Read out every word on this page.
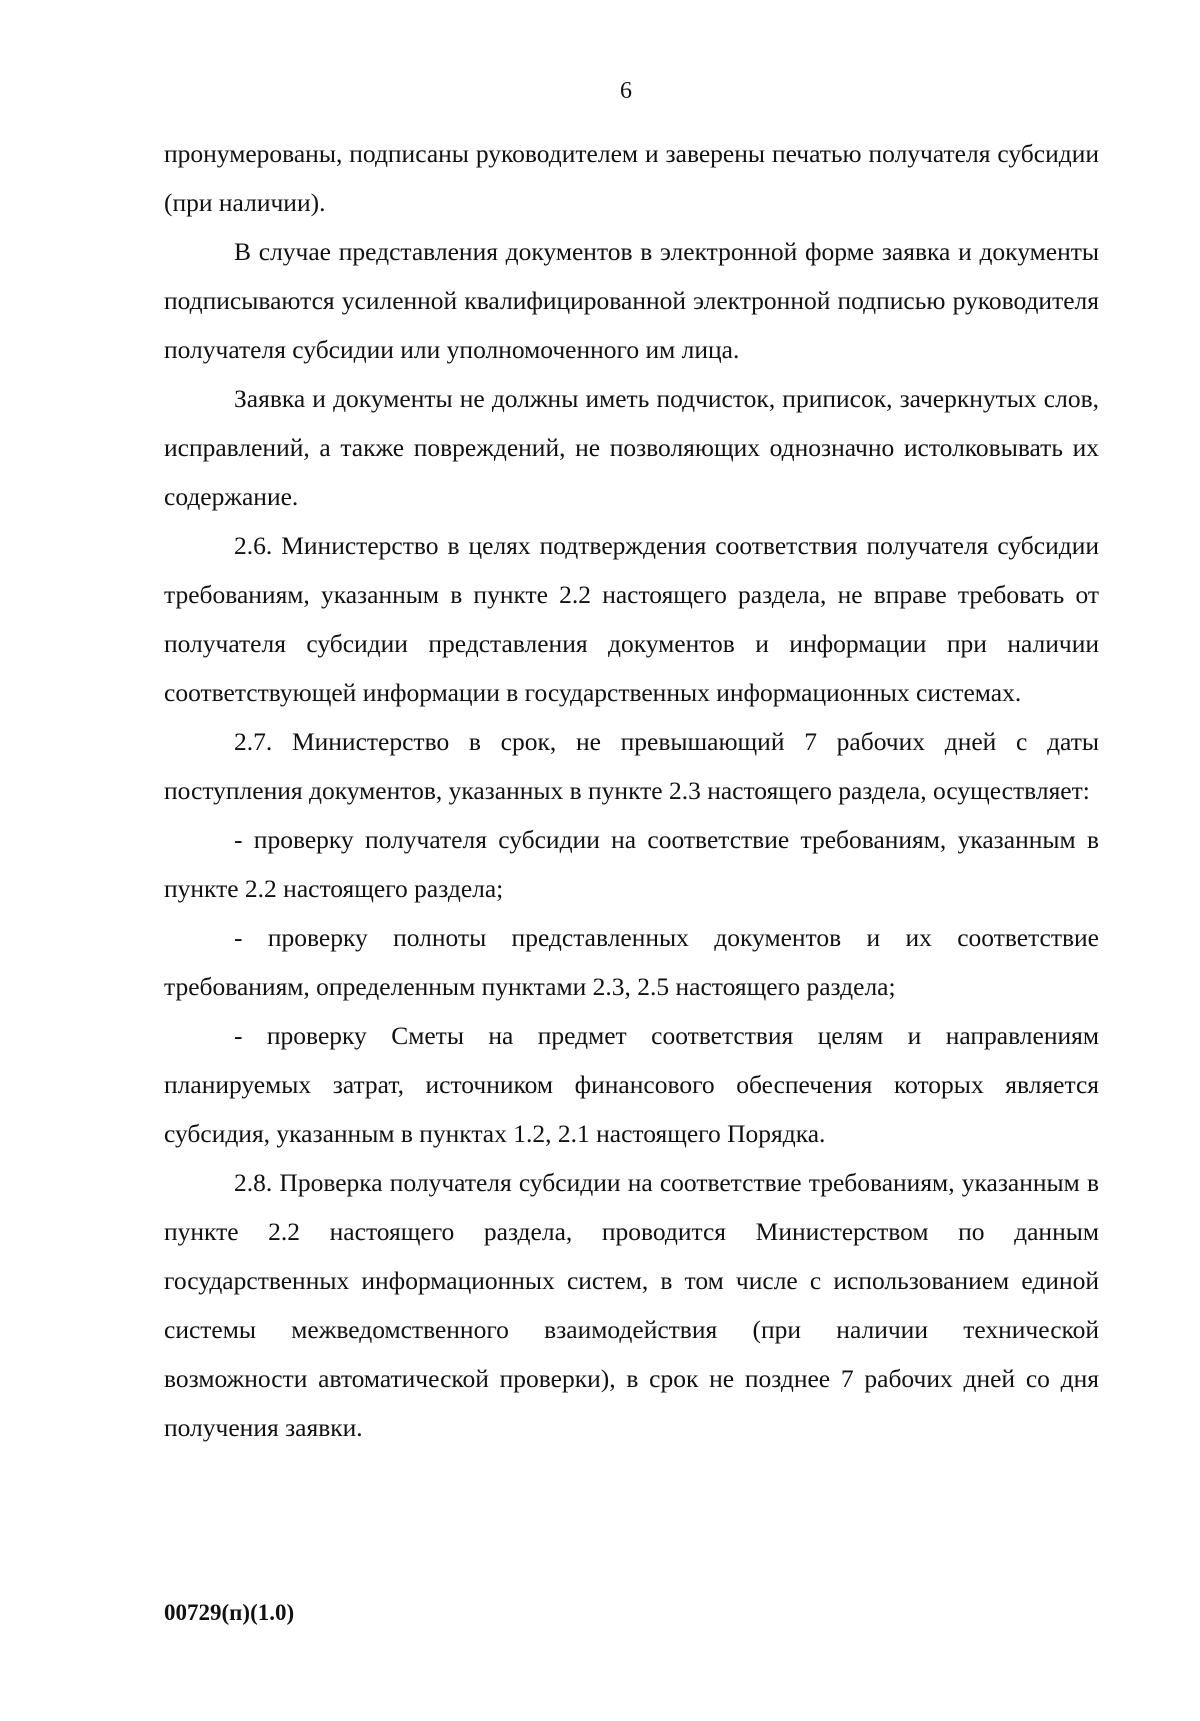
6

пронумерованы, подписаны руководителем и заверены печатью получателя субсидии (при наличии).

В случае представления документов в электронной форме заявка и документы подписываются усиленной квалифицированной электронной подписью руководителя получателя субсидии или уполномоченного им лица.

Заявка и документы не должны иметь подчисток, приписок, зачеркнутых слов, исправлений, а также повреждений, не позволяющих однозначно истолковывать их содержание.

2.6. Министерство в целях подтверждения соответствия получателя субсидии требованиям, указанным в пункте 2.2 настоящего раздела, не вправе требовать от получателя субсидии представления документов и информации при наличии соответствующей информации в государственных информационных системах.

2.7. Министерство в срок, не превышающий 7 рабочих дней с даты поступления документов, указанных в пункте 2.3 настоящего раздела, осуществляет:

- проверку получателя субсидии на соответствие требованиям, указанным в пункте 2.2 настоящего раздела;

- проверку полноты представленных документов и их соответствие требованиям, определенным пунктами 2.3, 2.5 настоящего раздела;

- проверку Сметы на предмет соответствия целям и направлениям планируемых затрат, источником финансового обеспечения которых является субсидия, указанным в пунктах 1.2, 2.1 настоящего Порядка.

2.8. Проверка получателя субсидии на соответствие требованиям, указанным в пункте 2.2 настоящего раздела, проводится Министерством по данным государственных информационных систем, в том числе с использованием единой системы межведомственного взаимодействия (при наличии технической возможности автоматической проверки), в срок не позднее 7 рабочих дней со дня получения заявки.

00729(п)(1.0)
